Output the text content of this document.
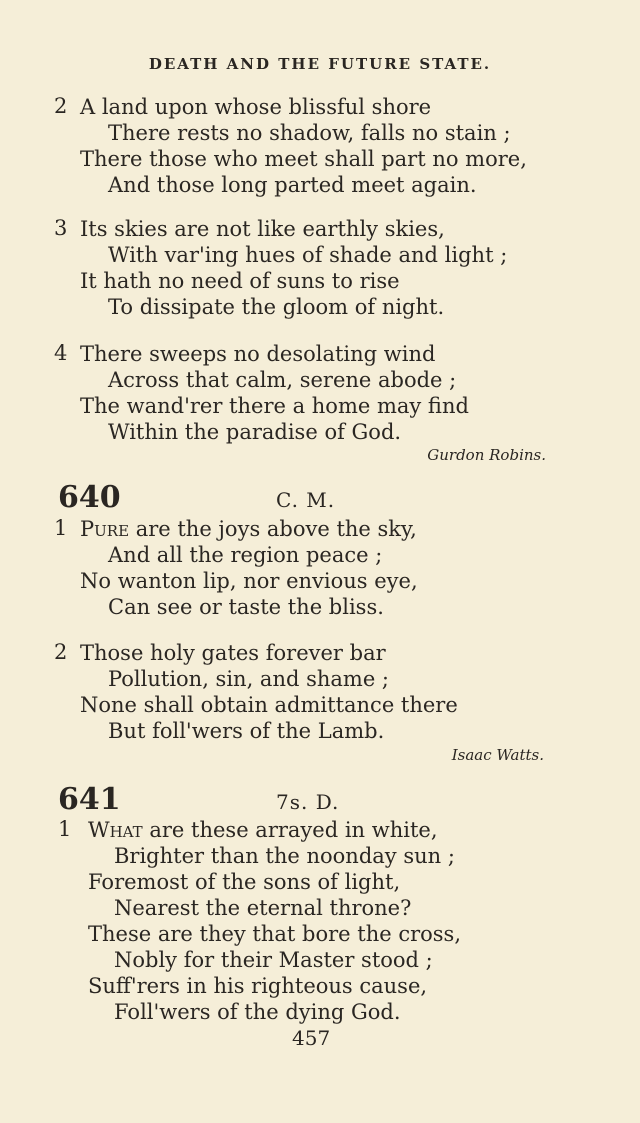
DEATH AND THE FUTURE STATE.
2 A land upon whose blissful shore
There rests no shadow, falls no stain ;
There those who meet shall part no more,
And those long parted meet again.
3 Its skies are not like earthly skies,
With var'ing hues of shade and light ;
It hath no need of suns to rise
To dissipate the gloom of night.
4 There sweeps no desolating wind
Across that calm, serene abode ;
The wand'rer there a home may find
Within the paradise of God.
Gurdon Robins.
640	C. M.
1 Pure are the joys above the sky,
And all the region peace ;
No wanton lip, nor envious eye,
Can see or taste the bliss.
2 Those holy gates forever bar
Pollution, sin, and shame ;
None shall obtain admittance there
But foll'wers of the Lamb.
Isaac Watts.
641	7s. D.
1 What are these arrayed in white,
Brighter than the noonday sun ;
Foremost of the sons of light,
Nearest the eternal throne?
These are they that bore the cross,
Nobly for their Master stood ;
Suff'rers in his righteous cause,
Foll'wers of the dying God.
457
